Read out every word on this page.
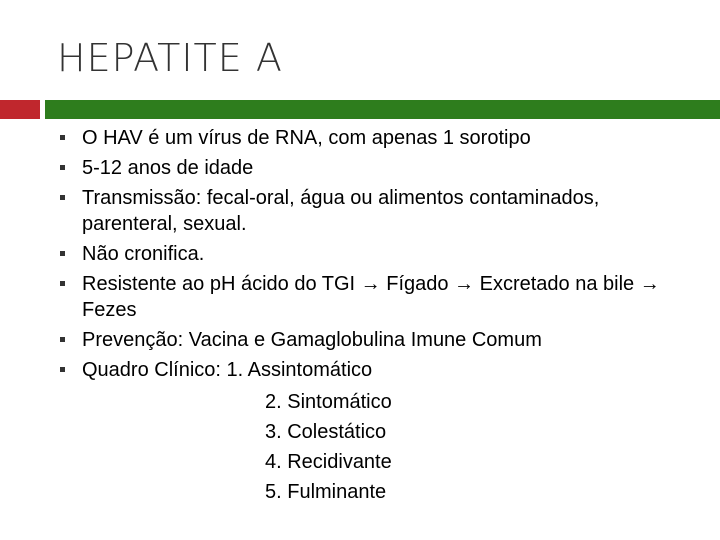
HEPATITE A
O HAV é um vírus de RNA, com apenas 1 sorotipo
5-12 anos de idade
Transmissão: fecal-oral, água ou alimentos contaminados, parenteral, sexual.
Não cronifica.
Resistente ao pH ácido do TGI → Fígado → Excretado na bile → Fezes
Prevenção: Vacina e Gamaglobulina Imune Comum
Quadro Clínico: 1. Assintomático
2. Sintomático
3. Colestático
4. Recidivante
5. Fulminante
